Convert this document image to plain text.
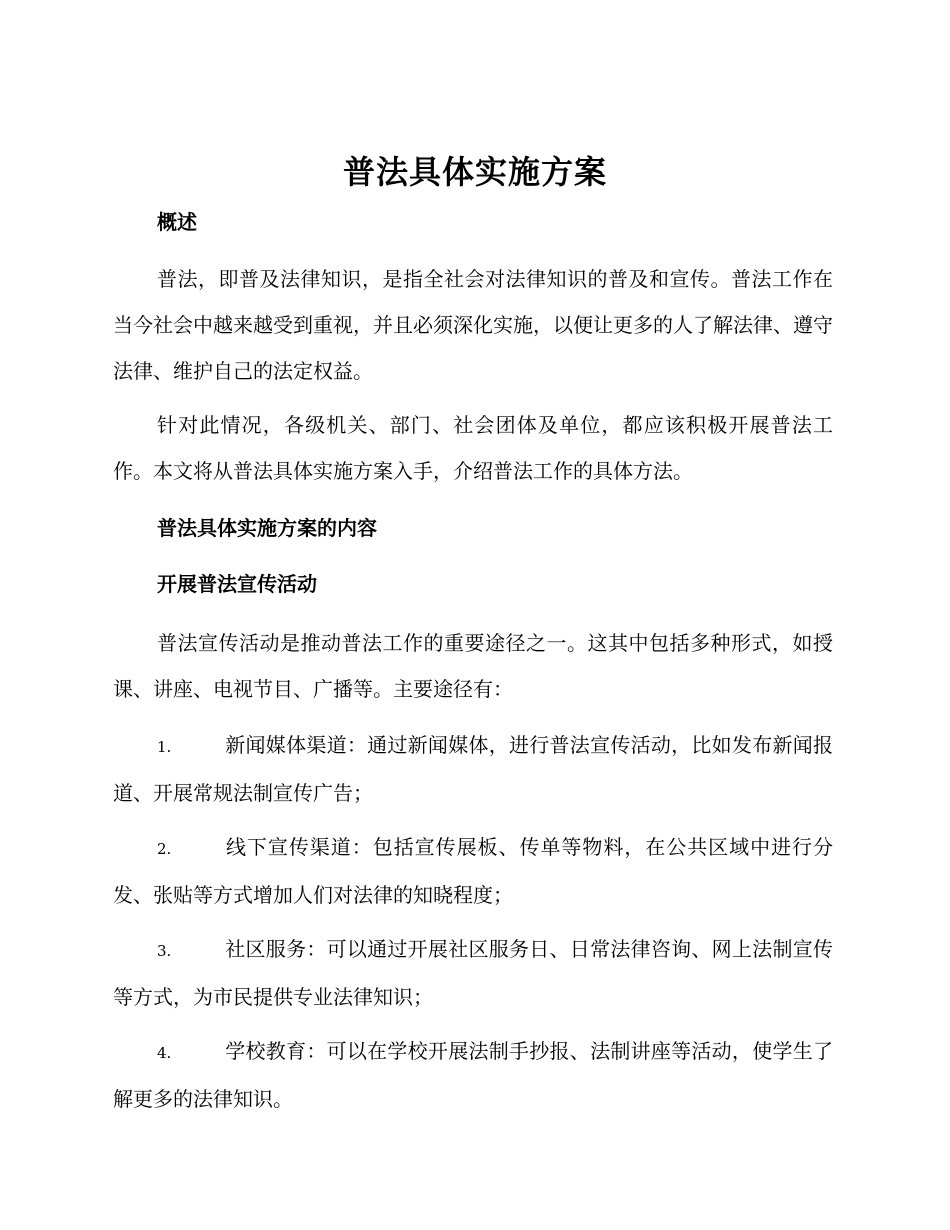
普法具体实施方案
概述

普法，即普及法律知识，是指全社会对法律知识的普及和宣传。普法工作在当今社会中越来越受到重视，并且必须深化实施，以便让更多的人了解法律、遵守法律、维护自己的法定权益。

针对此情况，各级机关、部门、社会团体及单位，都应该积极开展普法工作。本文将从普法具体实施方案入手，介绍普法工作的具体方法。

普法具体实施方案的内容
开展普法宣传活动

普法宣传活动是推动普法工作的重要途径之一。这其中包括多种形式，如授课、讲座、电视节目、广播等。主要途径有：

1.	新闻媒体渠道：通过新闻媒体，进行普法宣传活动，比如发布新闻报道、开展常规法制宣传广告；

2.	线下宣传渠道：包括宣传展板、传单等物料，在公共区域中进行分发、张贴等方式增加人们对法律的知晓程度；

3.	社区服务：可以通过开展社区服务日、日常法律咨询、网上法制宣传等方式，为市民提供专业法律知识；

4.	学校教育：可以在学校开展法制手抄报、法制讲座等活动，使学生了解更多的法律知识。
